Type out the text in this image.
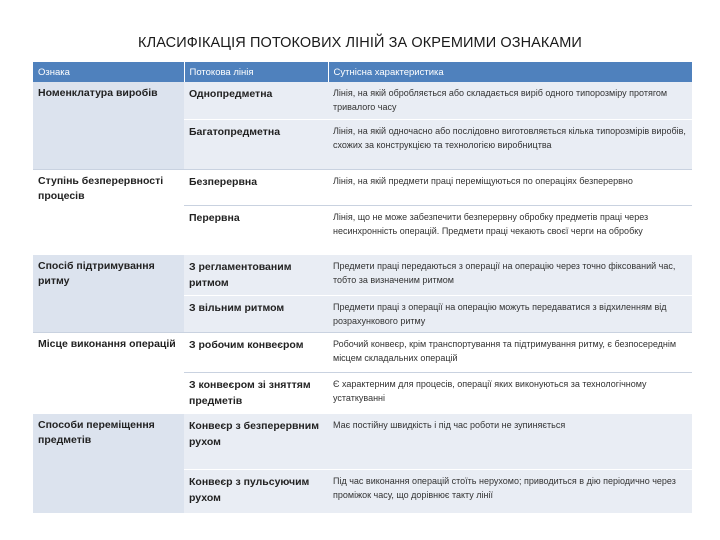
КЛАСИФІКАЦІЯ ПОТОКОВИХ ЛІНІЙ ЗА ОКРЕМИМИ ОЗНАКАМИ
Ознака	Потокова лінія	Сутнісна характеристика
Номенклатура виробів	Однопредметна	Лінія, на якій обробляється або складається виріб одного типорозміру протягом тривалого часу
	Багатопредметна	Лінія, на якій одночасно або послідовно виготовляється кілька типорозмірів виробів, схожих за конструкцією та технологією виробництва
Ступінь безперервності процесів	Безперервна	Лінія, на якій предмети праці переміщуються по операціях безперервно
	Перервна	Лінія, що не може забезпечити безперервну обробку предметів праці через несинхронність операцій. Предмети праці чекають своєї черги на обробку
Спосіб підтримування ритму	З регламентованим ритмом	Предмети праці передаються з операції на операцію через точно фіксований час, тобто за визначеним ритмом
	З вільним ритмом	Предмети праці з операції на операцію можуть передаватися з відхиленням від розрахункового ритму
Місце виконання операцій	З робочим конвеєром	Робочий конвеєр, крім транспортування та підтримування ритму, є безпосереднім місцем складальних операцій
	З конвеєром зі зняттям предметів	Є характерним для процесів, операції яких виконуються за технологічному устаткуванні
Способи переміщення предметів	Конвеєр з безперервним рухом	Має постійну швидкість і під час роботи не зупиняється
	Конвеєр з пульсуючим рухом	Під час виконання операцій стоїть нерухомо; приводиться в дію періодично через проміжок часу, що дорівнює такту лінії
